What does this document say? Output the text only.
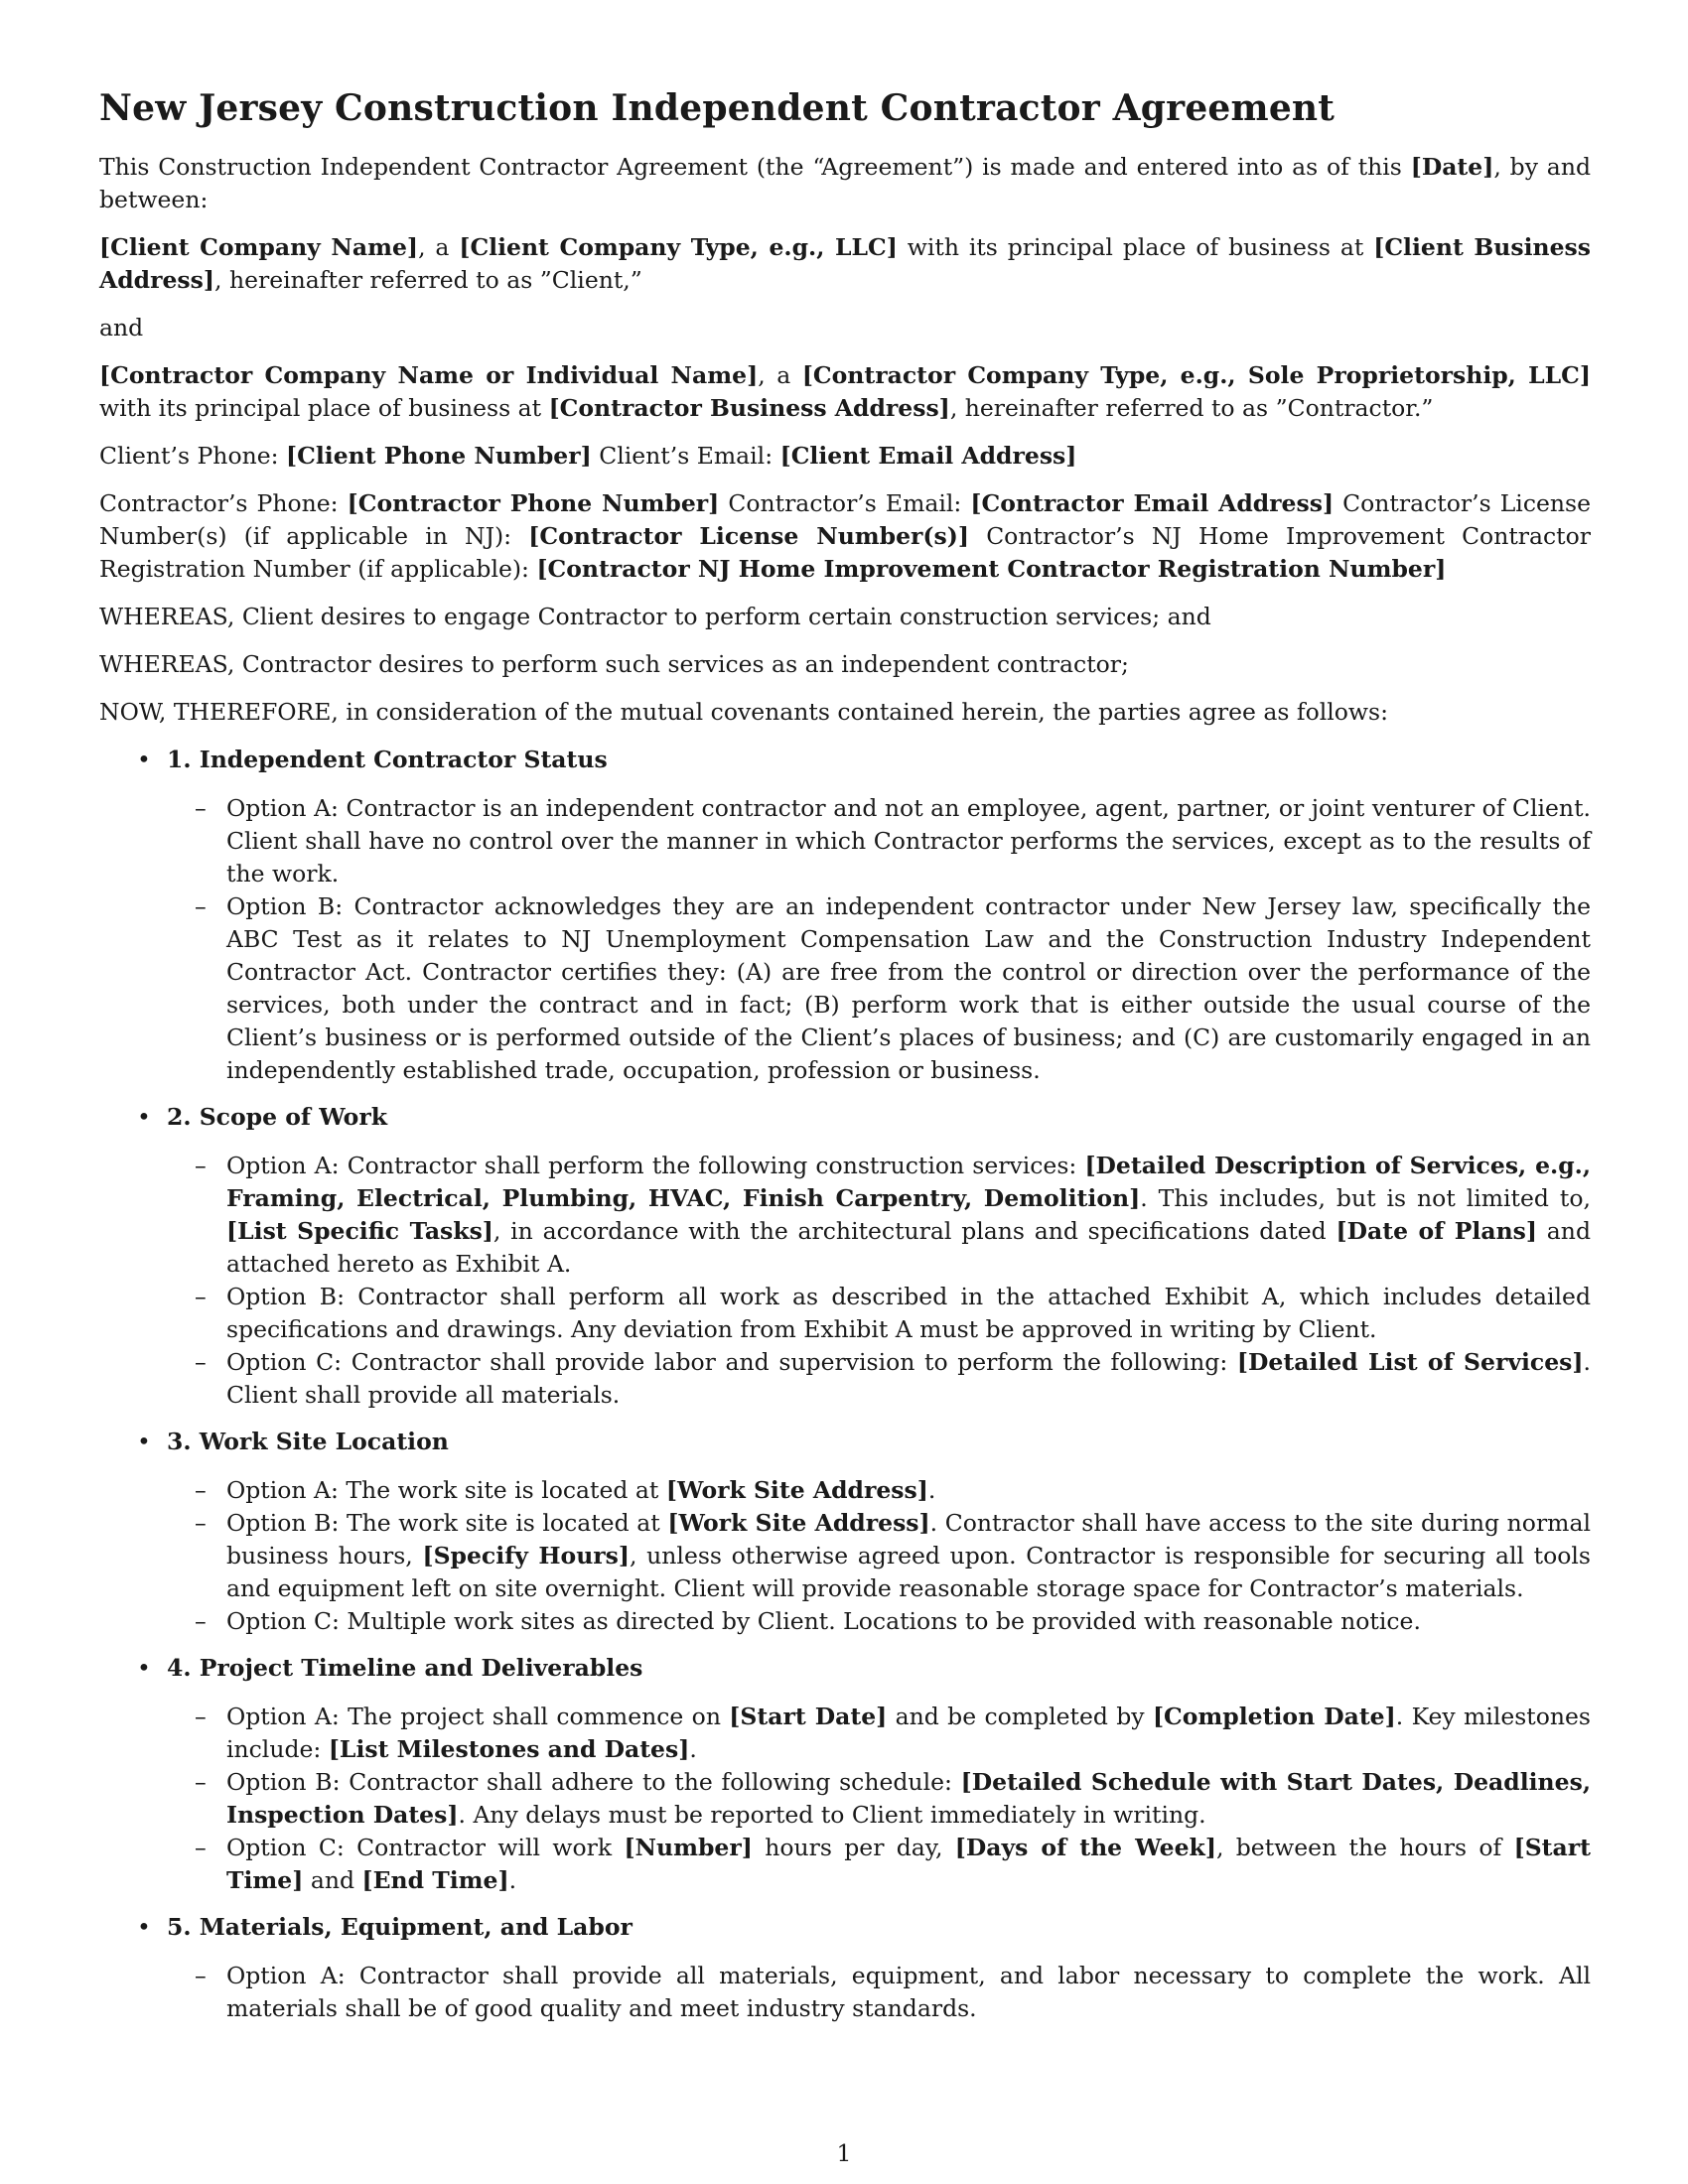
New Jersey Construction Independent Contractor Agreement

This Construction Independent Contractor Agreement (the “Agreement”) is made and entered into as of this [Date], by and between:

[Client Company Name], a [Client Company Type, e.g., LLC] with its principal place of business at [Client Business Address], hereinafter referred to as ”Client,”

and

[Contractor Company Name or Individual Name], a [Contractor Company Type, e.g., Sole Proprietorship, LLC] with its principal place of business at [Contractor Business Address], hereinafter referred to as ”Contractor.”

Client’s Phone: [Client Phone Number] Client’s Email: [Client Email Address]

Contractor’s Phone: [Contractor Phone Number] Contractor’s Email: [Contractor Email Address] Contractor’s License Number(s) (if applicable in NJ): [Contractor License Number(s)] Contractor’s NJ Home Improvement Contractor Registration Number (if applicable): [Contractor NJ Home Improvement Contractor Registration Number]

WHEREAS, Client desires to engage Contractor to perform certain construction services; and

WHEREAS, Contractor desires to perform such services as an independent contractor;

NOW, THEREFORE, in consideration of the mutual covenants contained herein, the parties agree as follows:

• 1. Independent Contractor Status
– Option A: Contractor is an independent contractor and not an employee, agent, partner, or joint venturer of Client. Client shall have no control over the manner in which Contractor performs the services, except as to the results of the work.
– Option B: Contractor acknowledges they are an independent contractor under New Jersey law, specifically the ABC Test as it relates to NJ Unemployment Compensation Law and the Construction Industry Independent Contractor Act. Contractor certifies they: (A) are free from the control or direction over the performance of the services, both under the contract and in fact; (B) perform work that is either outside the usual course of the Client’s business or is performed outside of the Client’s places of business; and (C) are customarily engaged in an independently established trade, occupation, profession or business.
• 2. Scope of Work
– Option A: Contractor shall perform the following construction services: [Detailed Description of Services, e.g., Framing, Electrical, Plumbing, HVAC, Finish Carpentry, Demolition]. This includes, but is not limited to, [List Specific Tasks], in accordance with the architectural plans and specifications dated [Date of Plans] and attached hereto as Exhibit A.
– Option B: Contractor shall perform all work as described in the attached Exhibit A, which includes detailed specifications and drawings. Any deviation from Exhibit A must be approved in writing by Client.
– Option C: Contractor shall provide labor and supervision to perform the following: [Detailed List of Services]. Client shall provide all materials.
• 3. Work Site Location
– Option A: The work site is located at [Work Site Address].
– Option B: The work site is located at [Work Site Address]. Contractor shall have access to the site during normal business hours, [Specify Hours], unless otherwise agreed upon. Contractor is responsible for securing all tools and equipment left on site overnight. Client will provide reasonable storage space for Contractor’s materials.
– Option C: Multiple work sites as directed by Client. Locations to be provided with reasonable notice.
• 4. Project Timeline and Deliverables
– Option A: The project shall commence on [Start Date] and be completed by [Completion Date]. Key milestones include: [List Milestones and Dates].
– Option B: Contractor shall adhere to the following schedule: [Detailed Schedule with Start Dates, Deadlines, Inspection Dates]. Any delays must be reported to Client immediately in writing.
– Option C: Contractor will work [Number] hours per day, [Days of the Week], between the hours of [Start Time] and [End Time].
• 5. Materials, Equipment, and Labor
– Option A: Contractor shall provide all materials, equipment, and labor necessary to complete the work. All materials shall be of good quality and meet industry standards.
1
